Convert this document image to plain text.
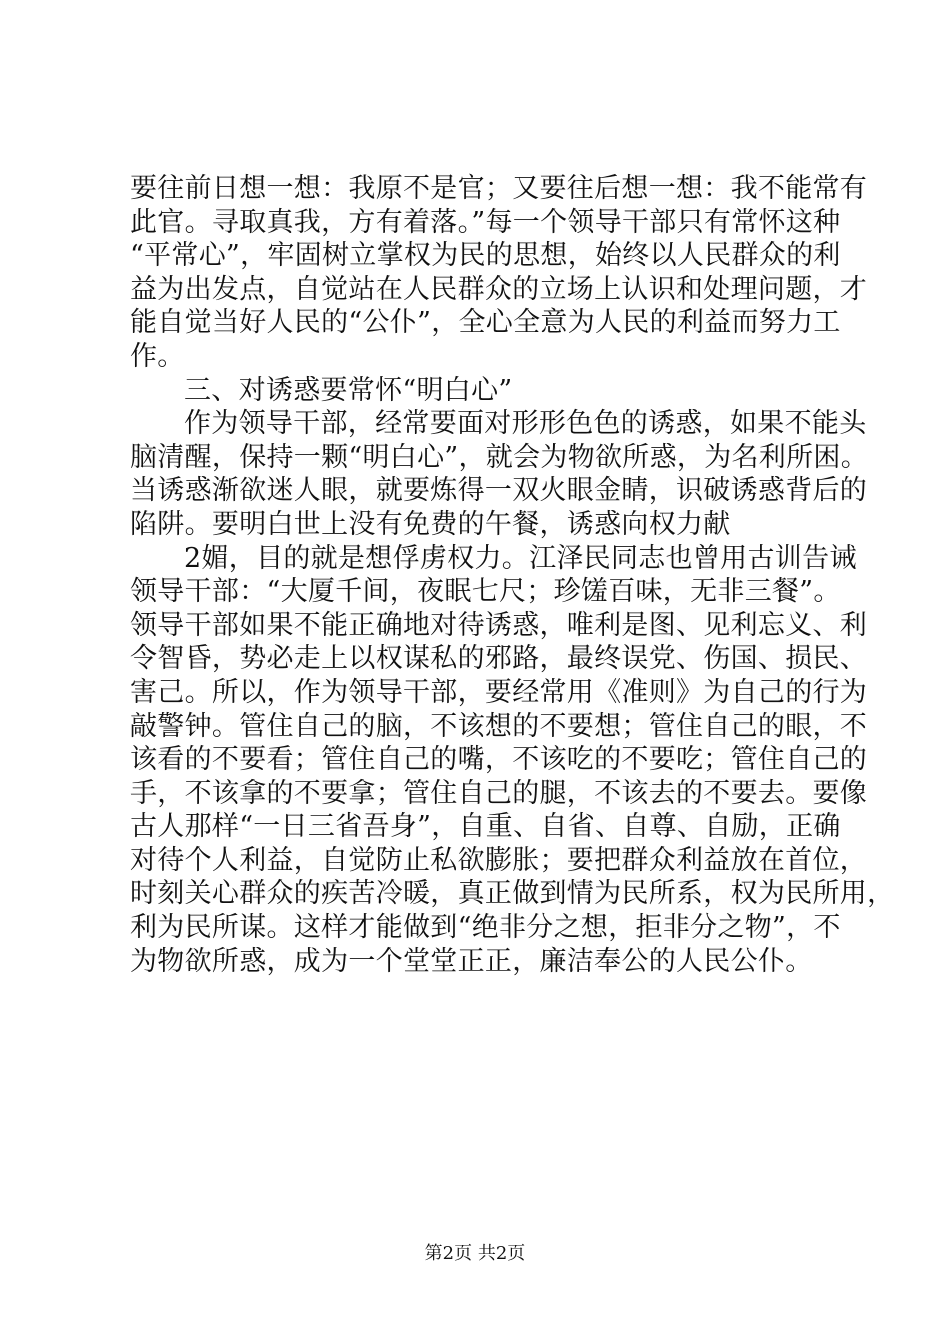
要往前日想一想：我原不是官；又要往后想一想：我不能常有
此官。寻取真我，方有着落。”每一个领导干部只有常怀这种
“平常心”，牢固树立掌权为民的思想，始终以人民群众的利
益为出发点，自觉站在人民群众的立场上认识和处理问题，才
能自觉当好人民的“公仆”，全心全意为人民的利益而努力工
作。
三、对诱惑要常怀“明白心”
作为领导干部，经常要面对形形色色的诱惑，如果不能头
脑清醒，保持一颗“明白心”，就会为物欲所惑，为名利所困。
当诱惑渐欲迷人眼，就要炼得一双火眼金睛，识破诱惑背后的
陷阱。要明白世上没有免费的午餐，诱惑向权力献
2媚，目的就是想俘虏权力。江泽民同志也曾用古训告诫
领导干部：“大厦千间，夜眠七尺；珍馐百味，无非三餐”。
领导干部如果不能正确地对待诱惑，唯利是图、见利忘义、利
令智昏，势必走上以权谋私的邪路，最终误党、伤国、损民、
害己。所以，作为领导干部，要经常用《准则》为自己的行为
敲警钟。管住自己的脑，不该想的不要想；管住自己的眼，不
该看的不要看；管住自己的嘴，不该吃的不要吃；管住自己的
手，不该拿的不要拿；管住自己的腿，不该去的不要去。要像
古人那样“一日三省吾身”，自重、自省、自尊、自励，正确
对待个人利益，自觉防止私欲膨胀；要把群众利益放在首位，
时刻关心群众的疾苦冷暖，真正做到情为民所系，权为民所用，
利为民所谋。这样才能做到“绝非分之想，拒非分之物”，不
为物欲所惑，成为一个堂堂正正，廉洁奉公的人民公仆。
第2页 共2页
